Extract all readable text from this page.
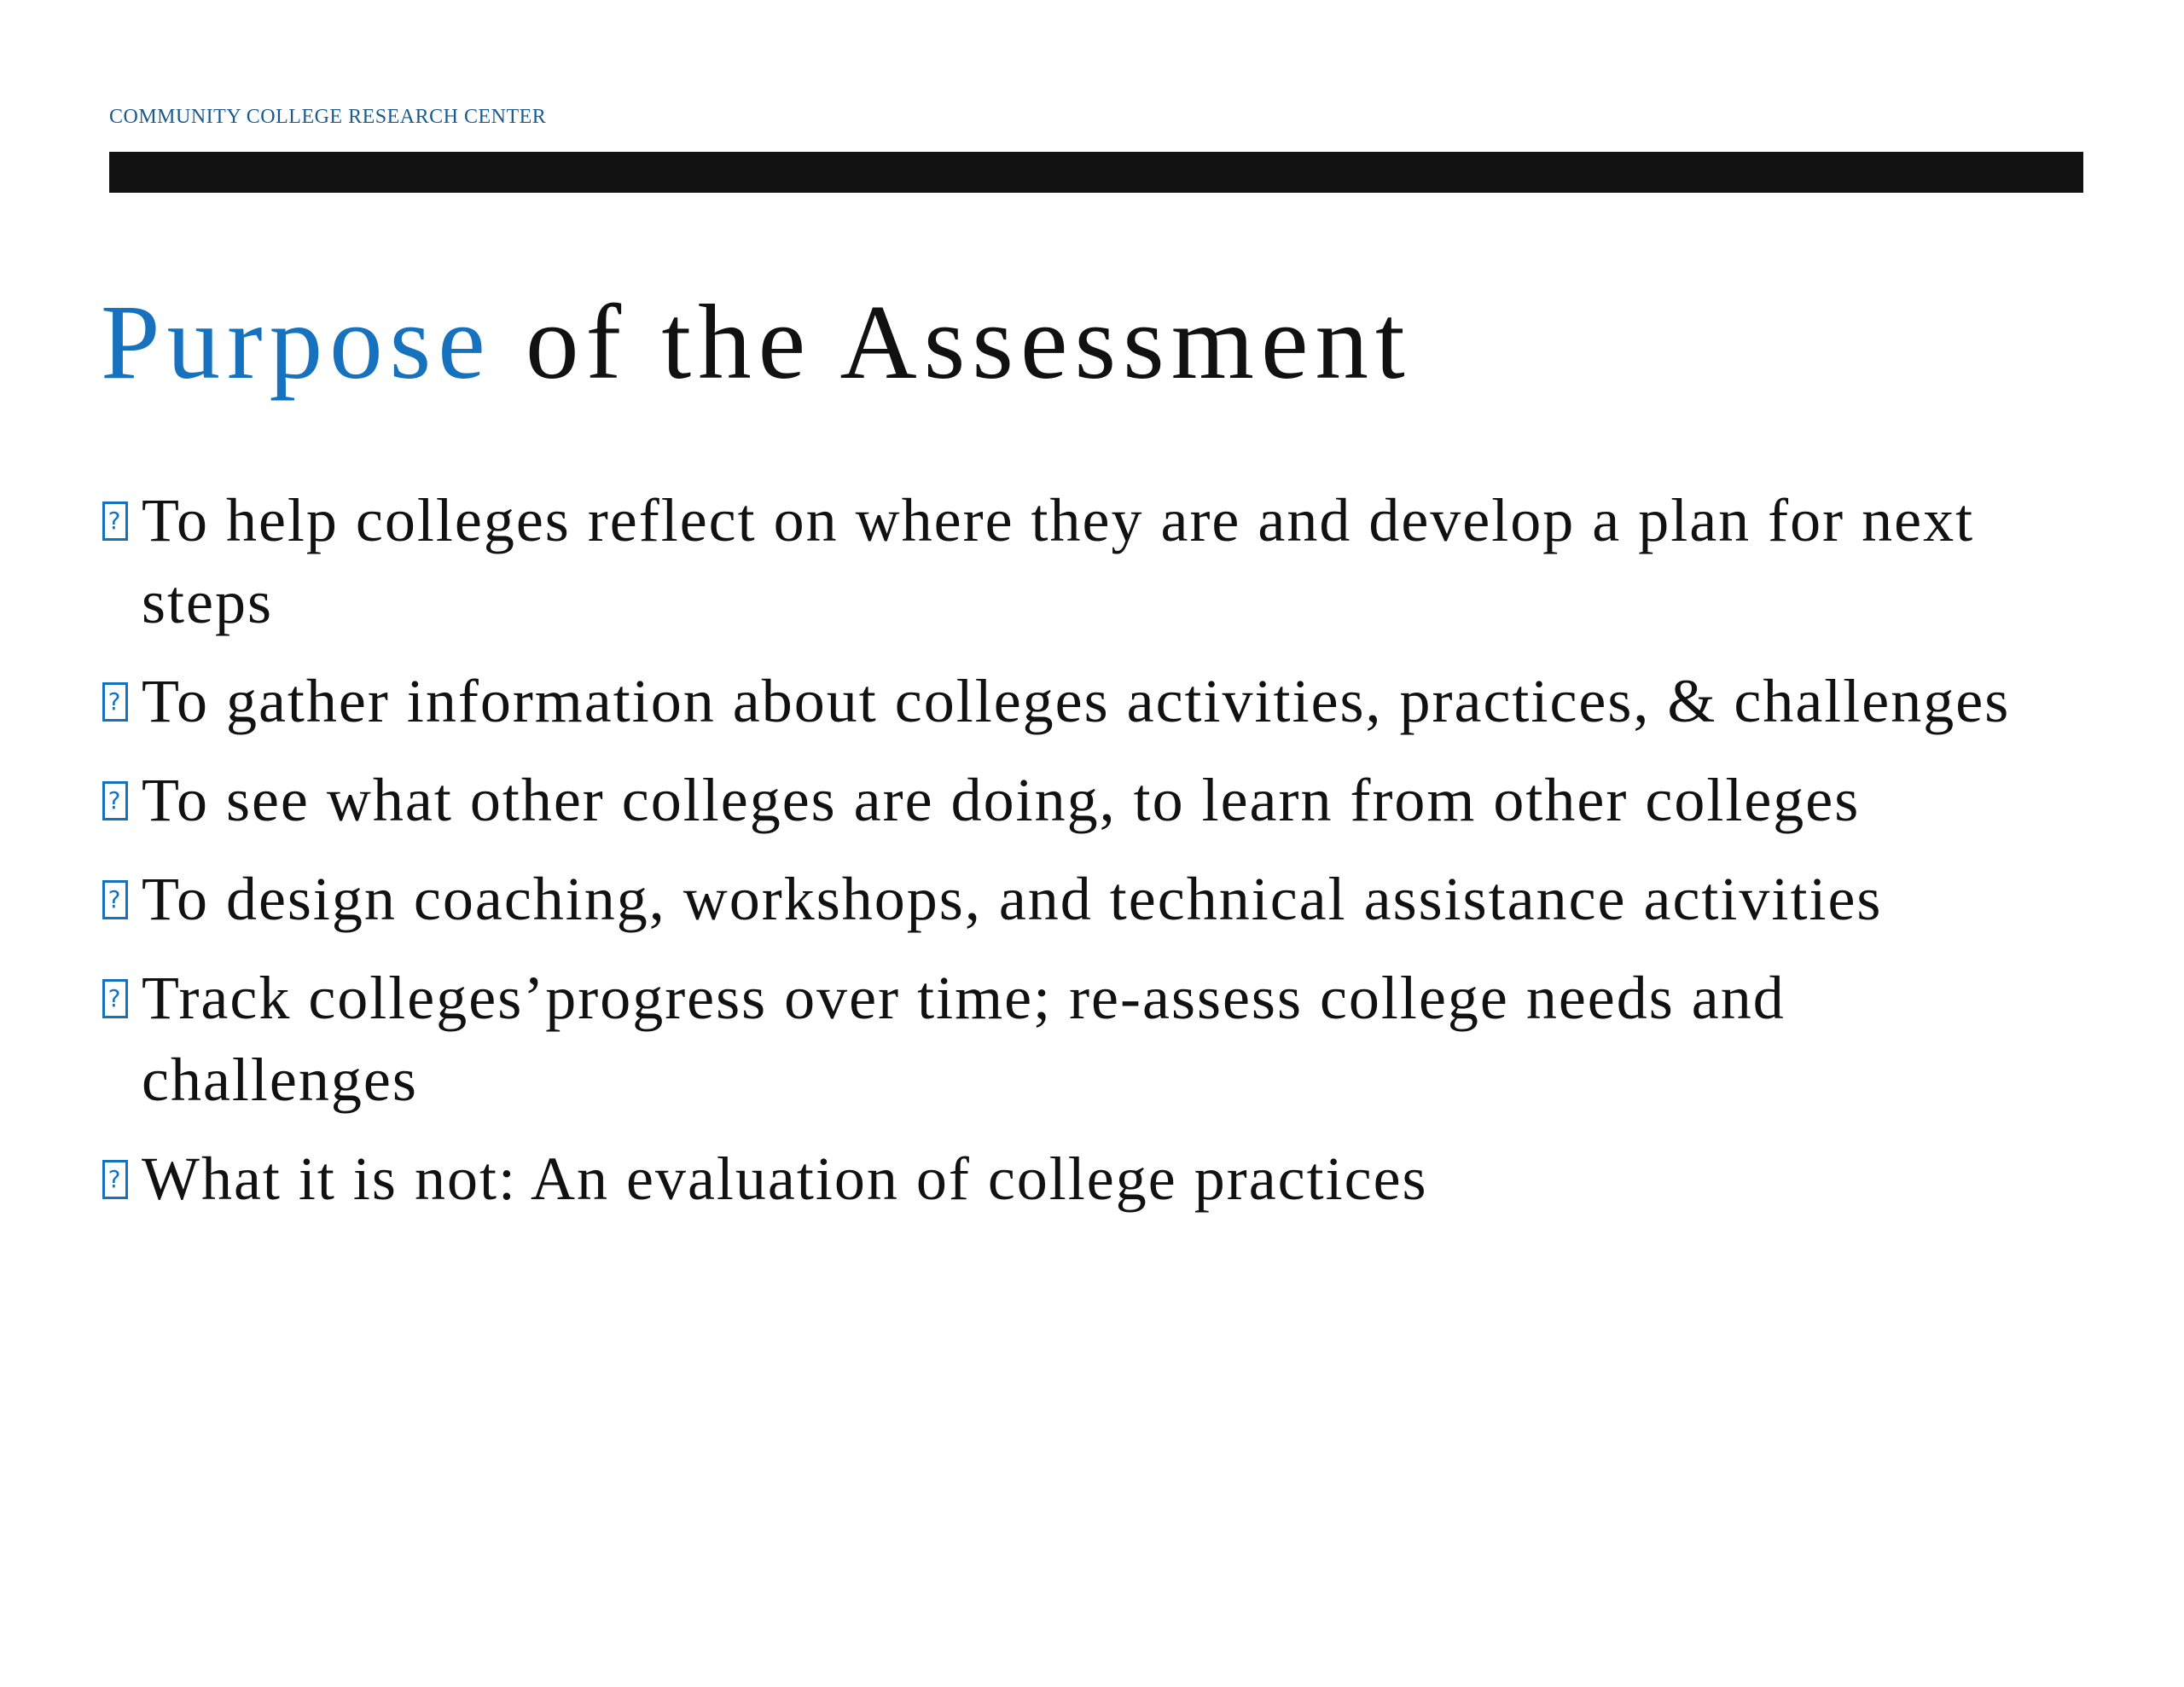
COMMUNITY COLLEGE RESEARCH CENTER
Purpose of the Assessment
? To help colleges reflect on where they are and develop a plan for next steps
? To gather information about colleges activities, practices, & challenges
? To see what other colleges are doing, to learn from other colleges
? To design coaching, workshops, and technical assistance activities
? Track colleges’progress over time; re-assess college needs and challenges
? What it is not: An evaluation of college practices
